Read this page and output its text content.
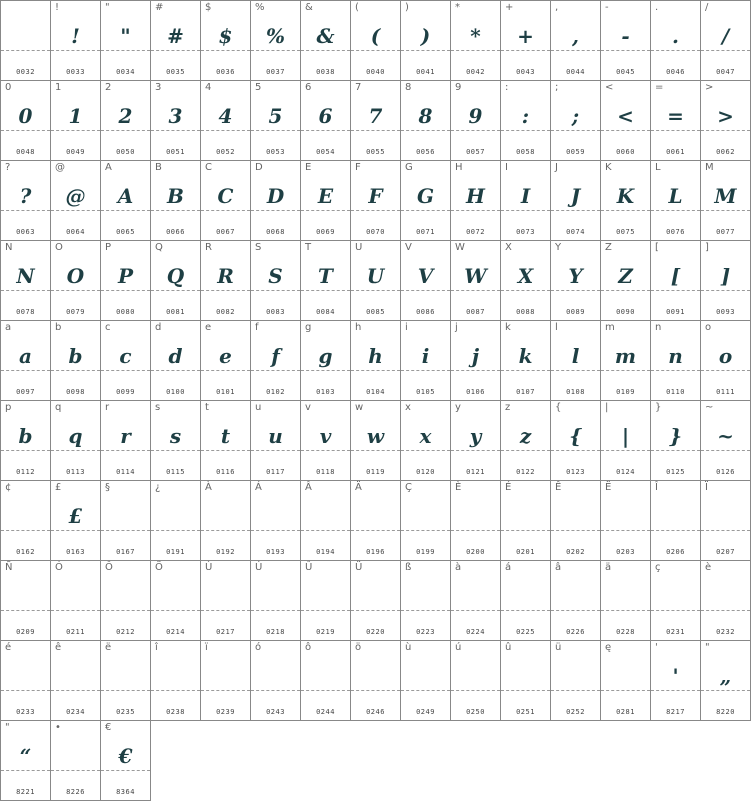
0032
!
!
0033
"
"
0034
#
#
0035
$
$
0036
%
%
0037
&
&
0038
(
(
0040
)
)
0041
*
*
0042
+
+
0043
,
,
0044
-
-
0045
.
.
0046
/
/
0047
0
0
0048
1
1
0049
2
2
0050
3
3
0051
4
4
0052
5
5
0053
6
6
0054
7
7
0055
8
8
0056
9
9
0057
:
:
0058
;
;
0059
<
<
0060
=
=
0061
>
>
0062
?
?
0063
@
@
0064
A
A
0065
B
B
0066
C
C
0067
D
D
0068
E
E
0069
F
F
0070
G
G
0071
H
H
0072
I
I
0073
J
J
0074
K
K
0075
L
L
0076
M
M
0077
N
N
0078
O
O
0079
P
P
0080
Q
Q
0081
R
R
0082
S
S
0083
T
T
0084
U
U
0085
V
V
0086
W
W
0087
X
X
0088
Y
Y
0089
Z
Z
0090
[
[
0091
]
]
0093
a
a
0097
b
b
0098
c
c
0099
d
d
0100
e
e
0101
f
f
0102
g
g
0103
h
h
0104
i
i
0105
j
j
0106
k
k
0107
l
l
0108
m
m
0109
n
n
0110
o
o
0111
p
b
0112
q
q
0113
r
r
0114
s
s
0115
t
t
0116
u
u
0117
v
v
0118
w
w
0119
x
x
0120
y
y
0121
z
z
0122
{
{
0123
|
|
0124
}
}
0125
~
~
0126
¢
0162
£
£
0163
§
0167
¿
0191
À
0192
Á
0193
Â
0194
Ä
0196
Ç
0199
È
0200
É
0201
Ê
0202
Ë
0203
Î
0206
Ï
0207
Ñ
0209
Ó
0211
Ô
0212
Ö
0214
Ù
0217
Ú
0218
Û
0219
Ü
0220
ß
0223
à
0224
á
0225
â
0226
ä
0228
ç
0231
è
0232
é
0233
ê
0234
ë
0235
î
0238
ï
0239
ó
0243
ô
0244
ö
0246
ù
0249
ú
0250
û
0251
ü
0252
ę
0281
'
'
8217
"
„
8220
"
“
8221
•
8226
€
€
8364
